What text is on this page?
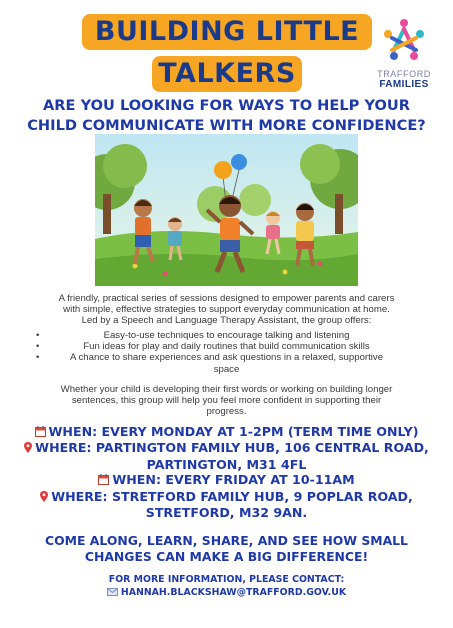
BUILDING LITTLE
TALKERS	TRAFFORD
FAMILIES
ARE YOU LOOKING FOR WAYS TO HELP YOUR
CHILD COMMUNICATE WITH MORE CONFIDENCE?
A friendly, practical series of sessions designed to empower parents and carers
with simple, effective strategies to support everyday communication at home.
Led by a Speech and Language Therapy Assistant, the group offers:
•	Easy-to-use techniques to encourage talking and listening
•	Fun ideas for play and daily routines that build communication skills
•	A chance to share experiences and ask questions in a relaxed, supportive
space
Whether your child is developing their first words or working on building longer
sentences, this group will help you feel more confident in supporting their
progress.
WHEN: EVERY MONDAY AT 1-2PM (TERM TIME ONLY)
WHERE: PARTINGTON FAMILY HUB, 106 CENTRAL ROAD,
PARTINGTON, M31 4FL
WHEN: EVERY FRIDAY AT 10-11AM
WHERE: STRETFORD FAMILY HUB, 9 POPLAR ROAD,
STRETFORD, M32 9AN.
COME ALONG, LEARN, SHARE, AND SEE HOW SMALL
CHANGES CAN MAKE A BIG DIFFERENCE!
FOR MORE INFORMATION, PLEASE CONTACT:
HANNAH.BLACKSHAW@TRAFFORD.GOV.UK
